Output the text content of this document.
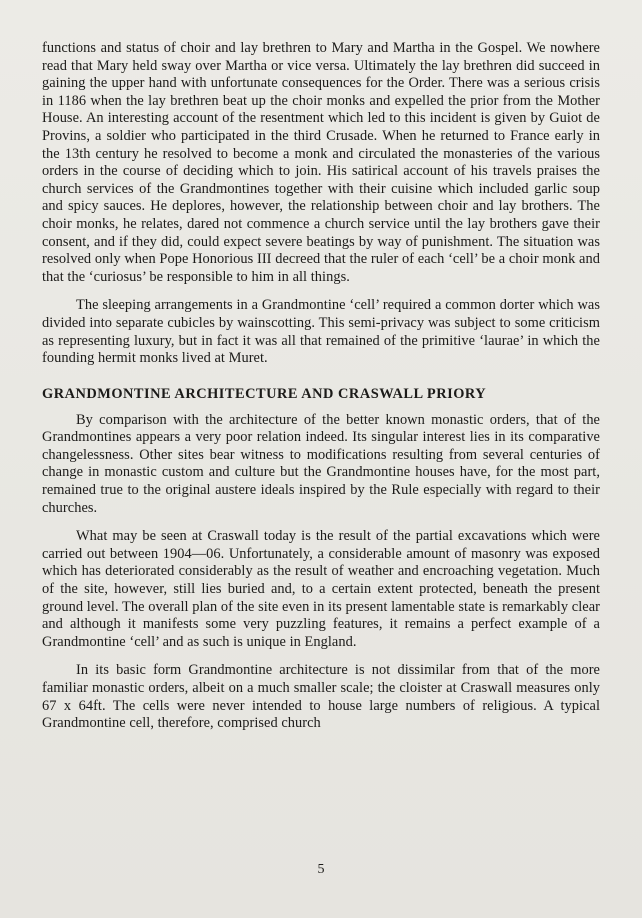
functions and status of choir and lay brethren to Mary and Martha in the Gospel. We nowhere read that Mary held sway over Martha or vice versa. Ultimately the lay brethren did succeed in gaining the upper hand with unfortunate consequences for the Order. There was a serious crisis in 1186 when the lay brethren beat up the choir monks and expelled the prior from the Mother House. An interesting account of the resentment which led to this incident is given by Guiot de Provins, a soldier who participated in the third Crusade. When he returned to France early in the 13th century he resolved to become a monk and circulated the monasteries of the various orders in the course of deciding which to join. His satirical account of his travels praises the church services of the Grandmontines together with their cuisine which included garlic soup and spicy sauces. He deplores, however, the relationship between choir and lay brothers. The choir monks, he relates, dared not commence a church service until the lay brothers gave their consent, and if they did, could expect severe beatings by way of punishment. The situation was resolved only when Pope Honorious III decreed that the ruler of each ‘cell’ be a choir monk and that the ‘curiosus’ be responsible to him in all things.

The sleeping arrangements in a Grandmontine ‘cell’ required a common dorter which was divided into separate cubicles by wainscotting. This semi-privacy was subject to some criticism as representing luxury, but in fact it was all that remained of the primitive ‘laurae’ in which the founding hermit monks lived at Muret.

GRANDMONTINE ARCHITECTURE AND CRASWALL PRIORY

By comparison with the architecture of the better known monastic orders, that of the Grandmontines appears a very poor relation indeed. Its singular interest lies in its comparative changelessness. Other sites bear witness to modifications resulting from several centuries of change in monastic custom and culture but the Grandmontine houses have, for the most part, remained true to the original austere ideals inspired by the Rule especially with regard to their churches.

What may be seen at Craswall today is the result of the partial excavations which were carried out between 1904—06. Unfortunately, a considerable amount of masonry was exposed which has deteriorated considerably as the result of weather and encroaching vegetation. Much of the site, however, still lies buried and, to a certain extent protected, beneath the present ground level. The overall plan of the site even in its present lamentable state is remarkably clear and although it manifests some very puzzling features, it remains a perfect example of a Grandmontine ‘cell’ and as such is unique in England.

In its basic form Grandmontine architecture is not dissimilar from that of the more familiar monastic orders, albeit on a much smaller scale; the cloister at Craswall measures only 67 x 64ft. The cells were never intended to house large numbers of religious. A typical Grandmontine cell, therefore, comprised church

5
